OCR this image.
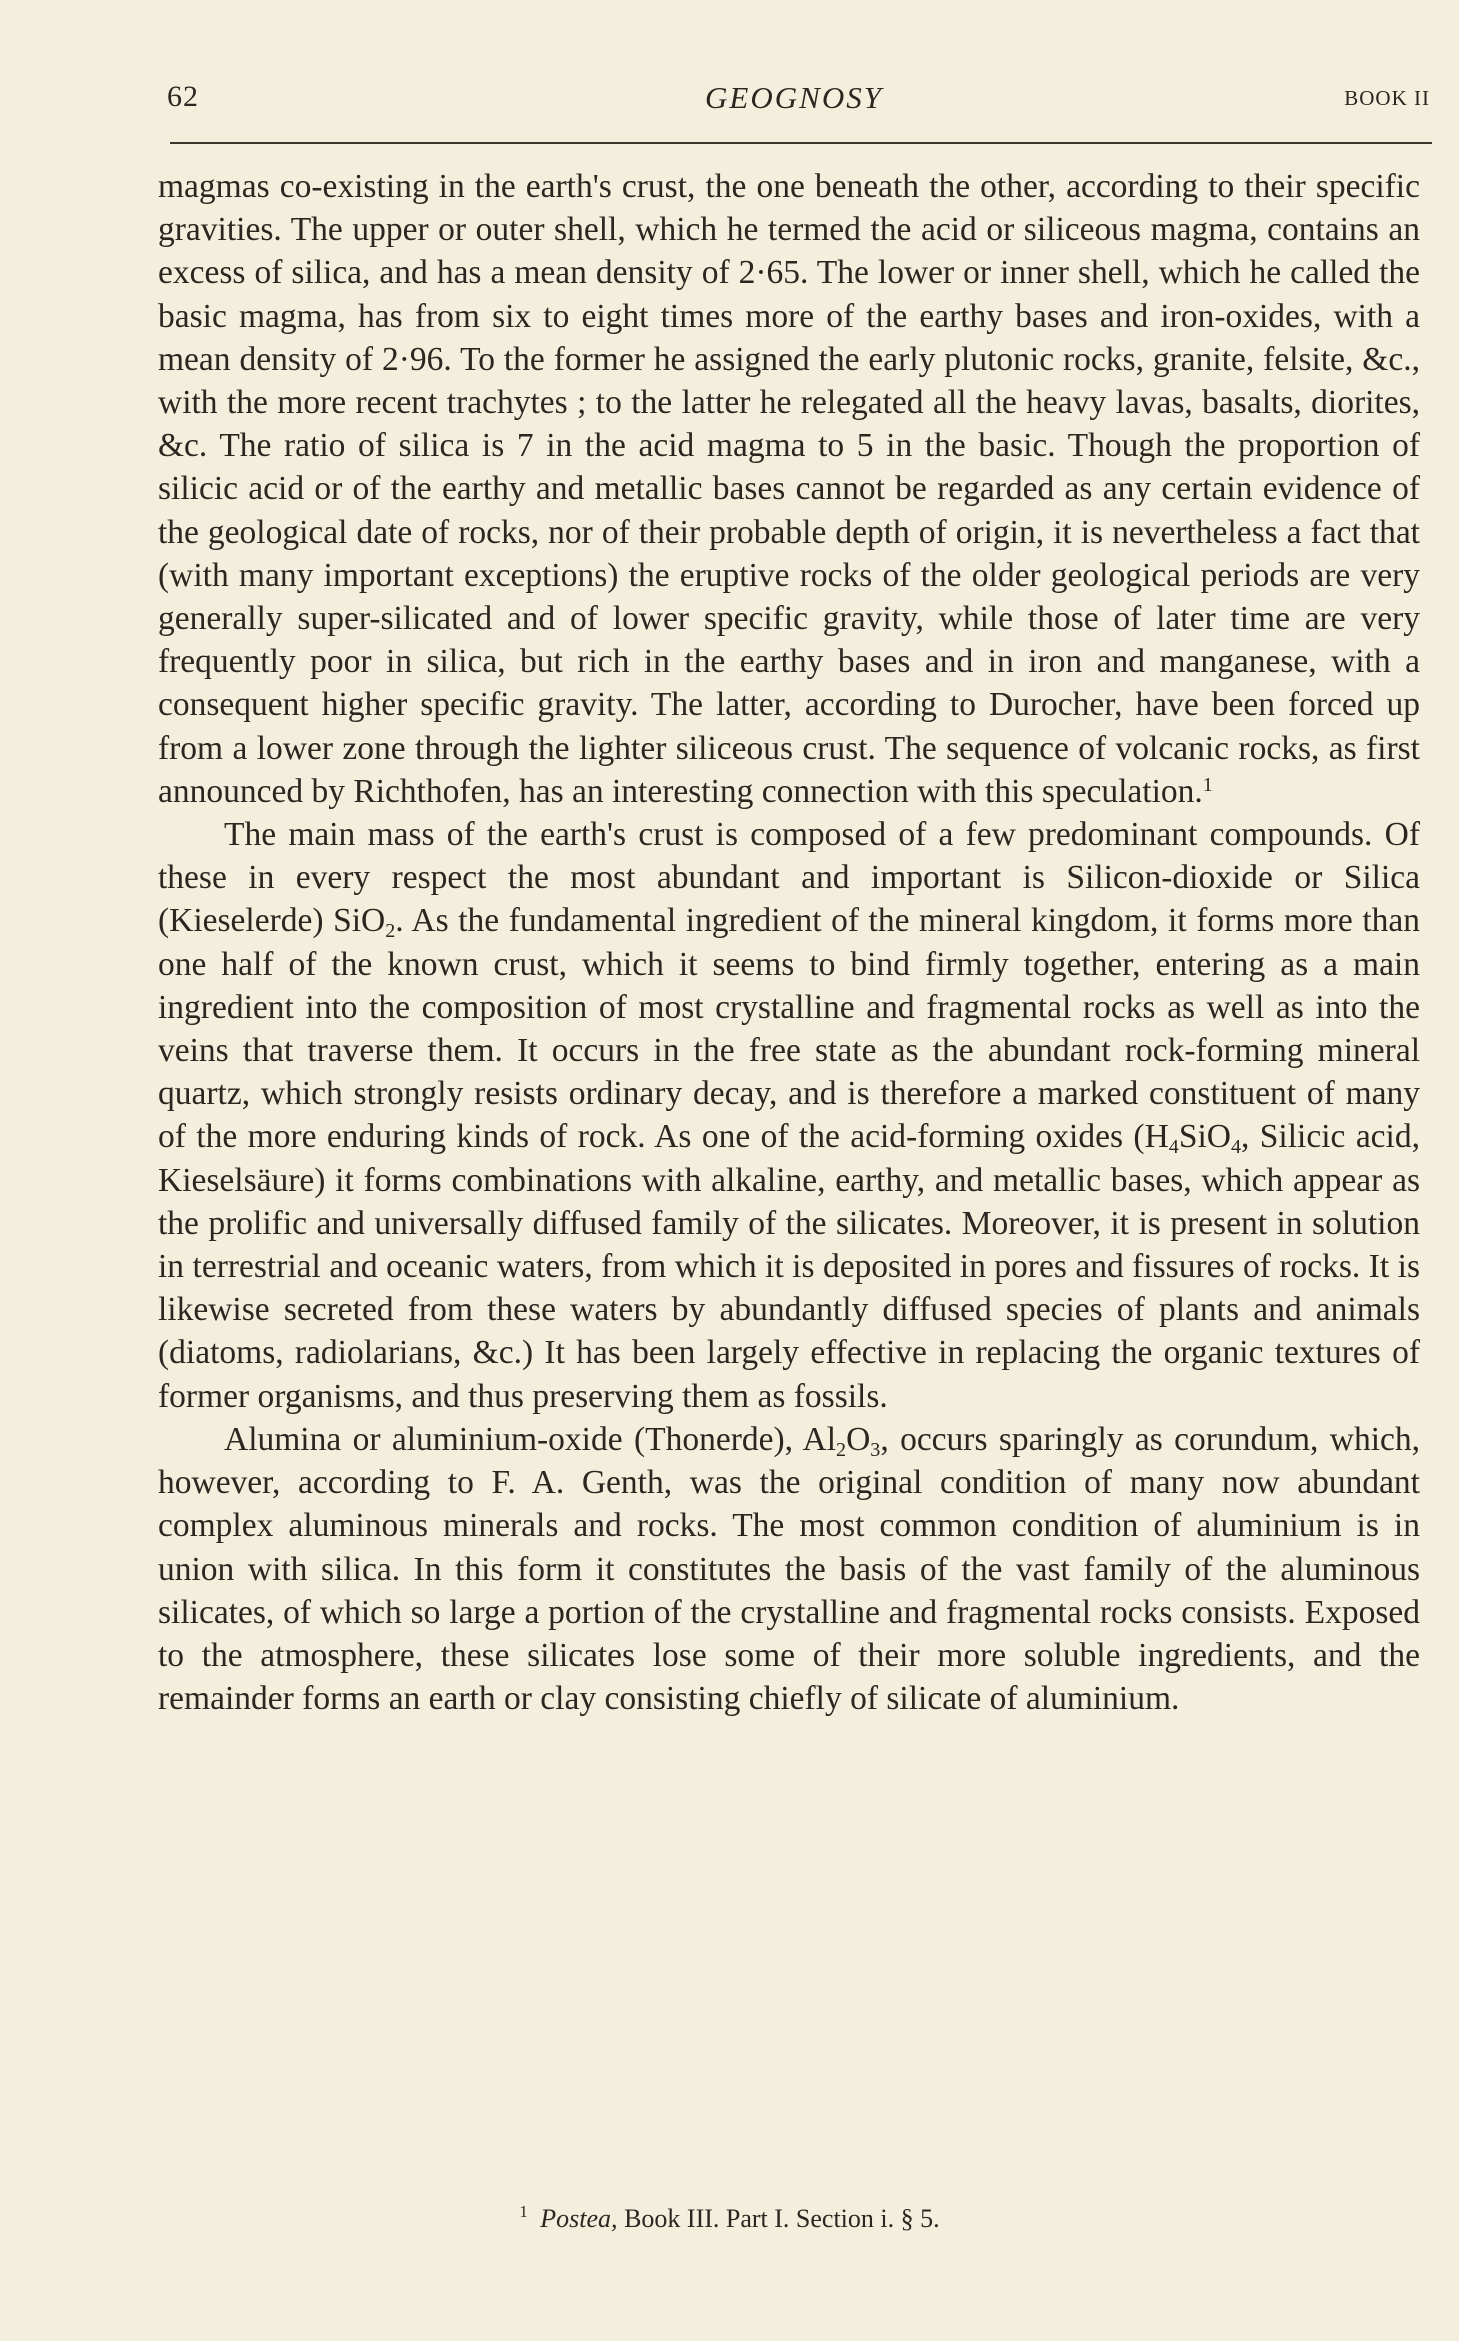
62	GEOGNOSY	BOOK II

magmas co-existing in the earth's crust, the one beneath the other, according to their specific gravities. The upper or outer shell, which he termed the acid or siliceous magma, contains an excess of silica, and has a mean density of 2·65. The lower or inner shell, which he called the basic magma, has from six to eight times more of the earthy bases and iron-oxides, with a mean density of 2·96. To the former he assigned the early plutonic rocks, granite, felsite, &c., with the more recent trachytes ; to the latter he relegated all the heavy lavas, basalts, diorites, &c. The ratio of silica is 7 in the acid magma to 5 in the basic. Though the proportion of silicic acid or of the earthy and metallic bases cannot be regarded as any certain evidence of the geological date of rocks, nor of their probable depth of origin, it is nevertheless a fact that (with many important exceptions) the eruptive rocks of the older geological periods are very generally super-silicated and of lower specific gravity, while those of later time are very frequently poor in silica, but rich in the earthy bases and in iron and manganese, with a consequent higher specific gravity. The latter, according to Durocher, have been forced up from a lower zone through the lighter siliceous crust. The sequence of volcanic rocks, as first announced by Richthofen, has an interesting connection with this speculation.$^1$

The main mass of the earth's crust is composed of a few predominant compounds. Of these in every respect the most abundant and important is Silicon-dioxide or Silica (Kieselerde) SiO$_2$. As the fundamental ingredient of the mineral kingdom, it forms more than one half of the known crust, which it seems to bind firmly together, entering as a main ingredient into the composition of most crystalline and fragmental rocks as well as into the veins that traverse them. It occurs in the free state as the abundant rock-forming mineral quartz, which strongly resists ordinary decay, and is therefore a marked constituent of many of the more enduring kinds of rock. As one of the acid-forming oxides ($H_4SiO_4$, Silicic acid, Kieselsäure) it forms combinations with alkaline, earthy, and metallic bases, which appear as the prolific and universally diffused family of the silicates. Moreover, it is present in solution in terrestrial and oceanic waters, from which it is deposited in pores and fissures of rocks. It is likewise secreted from these waters by abundantly diffused species of plants and animals (diatoms, radiolarians, &c.) It has been largely effective in replacing the organic textures of former organisms, and thus preserving them as fossils.

Alumina or aluminium-oxide (Thonerde), $Al_2O_3$, occurs sparingly as corundum, which, however, according to F. A. Genth, was the original condition of many now abundant complex aluminous minerals and rocks. The most common condition of aluminium is in union with silica. In this form it constitutes the basis of the vast family of the aluminous silicates, of which so large a portion of the crystalline and fragmental rocks consists. Exposed to the atmosphere, these silicates lose some of their more soluble ingredients, and the remainder forms an earth or clay consisting chiefly of silicate of aluminium.

$^1$ Postea, Book III. Part I. Section i. § 5.
